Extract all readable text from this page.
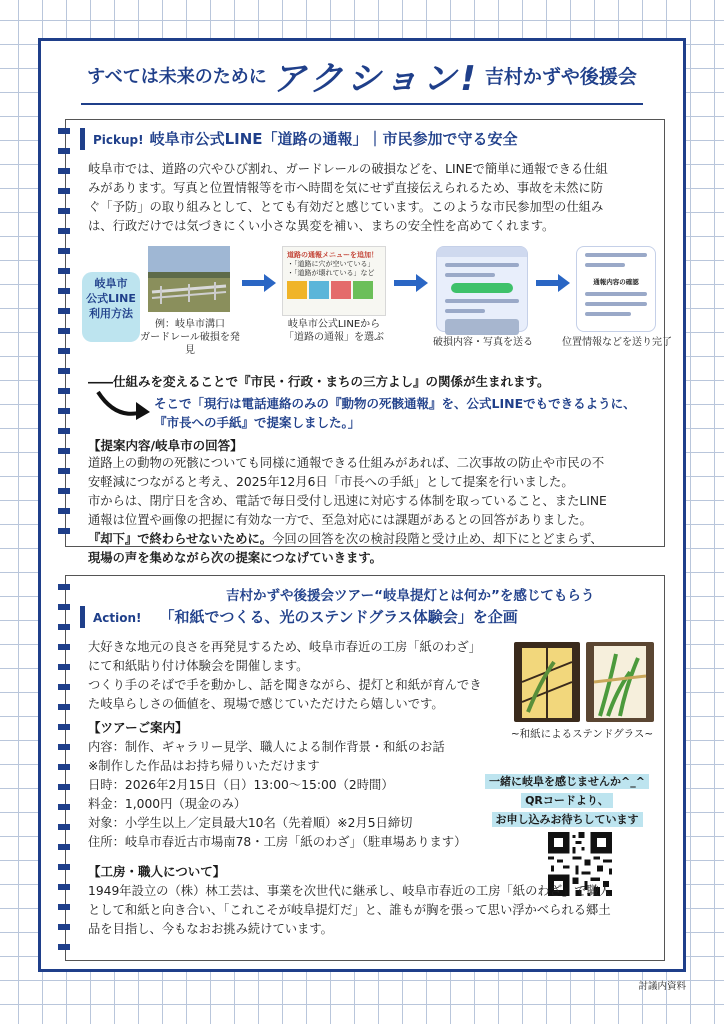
すべては未来のために アクション! 吉村かずや後援会
Pickup! 岐阜市公式LINE「道路の通報」｜市民参加で守る安全
岐阜市では、道路の穴やひび割れ、ガードレールの破損などを、LINEで簡単に通報できる仕組
みがあります。写真と位置情報等を市へ時間を気にせず直接伝えられるため、事故を未然に防
ぐ「予防」の取り組みとして、とても有効だと感じています。このような市民参加型の仕組み
は、行政だけでは気づきにくい小さな異変を補い、まちの安全性を高めてくれます。
岐阜市
公式LINE
利用方法
例：岐阜市溝口
ガードレール破損を発見
道路の通報メニューを追加！
・「道路に穴が空いている」
・「道路が壊れている」など
岐阜市公式LINEから
「道路の通報」を選ぶ	破損内容・写真を送る
通報内容の確認
位置情報などを送り完了
――仕組みを変えることで『市民・行政・まちの三方よし』の関係が生まれます。
そこで「現行は電話連絡のみの『動物の死骸通報』を、公式LINEでもできるように、
『市長への手紙』で提案しました。」
【提案内容/岐阜市の回答】
道路上の動物の死骸についても同様に通報できる仕組みがあれば、二次事故の防止や市民の不
安軽減につながると考え、2025年12月6日「市長への手紙」として提案を行いました。
市からは、閉庁日を含め、電話で毎日受付し迅速に対応する体制を取っていること、またLINE
通報は位置や画像の把握に有効な一方で、至急対応には課題があるとの回答がありました。
『却下』で終わらせないために。今回の回答を次の検討段階と受け止め、却下にとどまらず、
現場の声を集めながら次の提案につなげていきます。
吉村かずや後援会ツアー“岐阜提灯とは何か”を感じてもらう
Action! 「和紙でつくる、光のステンドグラス体験会」を企画
大好きな地元の良さを再発見するため、岐阜市春近の工房「紙のわざ」
にて和紙貼り付け体験会を開催します。
つくり手のそばで手を動かし、話を聞きながら、提灯と和紙が育んでき
た岐阜らしさの価値を、現場で感じていただけたら嬉しいです。
~和紙によるステンドグラス~
【ツアーご案内】
内容：制作、ギャラリー見学、職人による制作背景・和紙のお話
※制作した作品はお持ち帰りいただけます
日時：2026年2月15日（日）13:00～15:00（2時間）
料金：1,000円（現金のみ）
対象：小学生以上／定員最大10名（先着順）※2月5日締切
住所：岐阜市春近古市場南78・工房「紙のわざ」（駐車場あります）
一緒に岐阜を感じませんか^_^
QRコードより、
お申し込みお待ちしています
【工房・職人について】
1949年設立の（株）林工芸は、事業を次世代に継承し、岐阜市春近の工房「紙のわざ」で職人
として和紙と向き合い、「これこそが岐阜提灯だ」と、誰もが胸を張って思い浮かべられる郷土
品を目指し、今もなおお挑み続けています。
討議内資料
